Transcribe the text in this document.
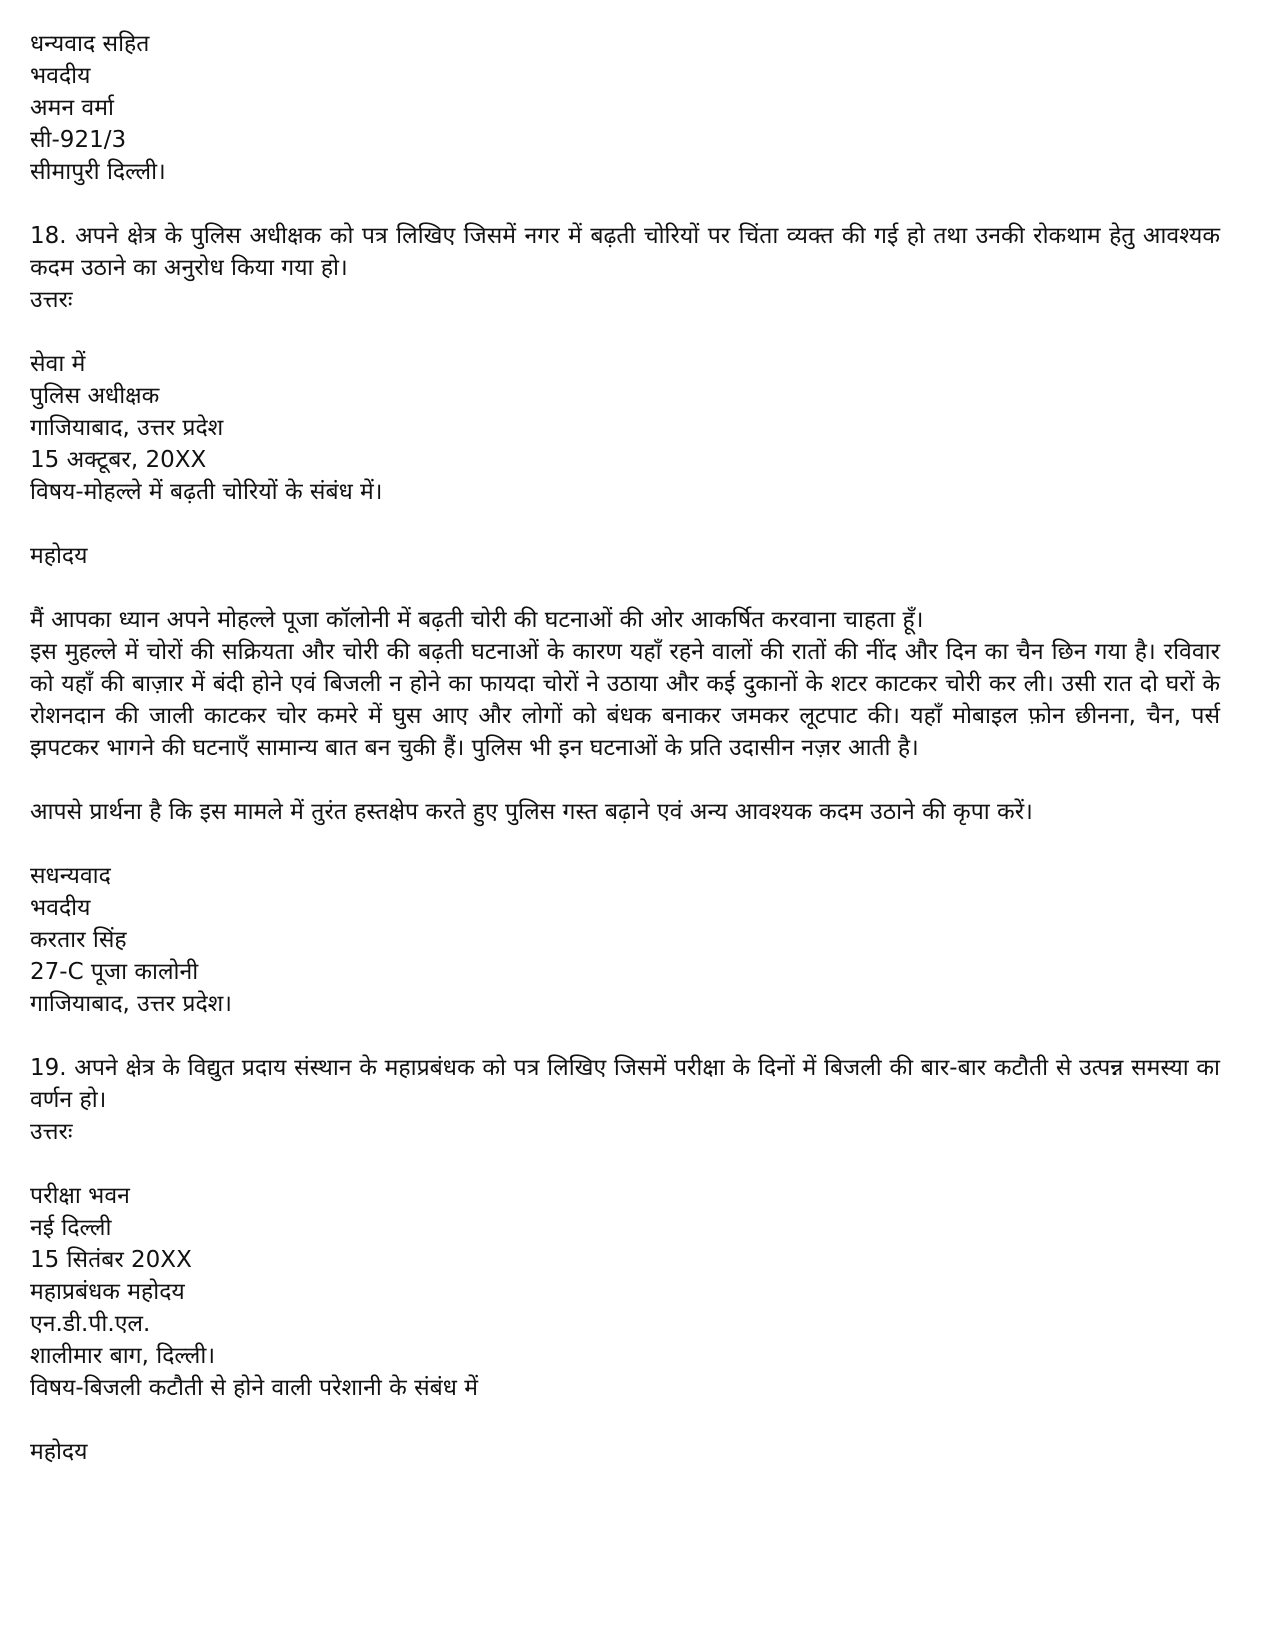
धन्यवाद सहित

भवदीय

अमन वर्मा

सी-921/3

सीमापुरी दिल्ली।

18. अपने क्षेत्र के पुलिस अधीक्षक को पत्र लिखिए जिसमें नगर में बढ़ती चोरियों पर चिंता व्यक्त की गई हो तथा उनकी रोकथाम हेतु आवश्यक कदम उठाने का अनुरोध किया गया हो।

उत्तरः

सेवा में

पुलिस अधीक्षक

गाजियाबाद, उत्तर प्रदेश

15 अक्टूबर, 20XX

विषय-मोहल्ले में बढ़ती चोरियों के संबंध में।

महोदय

मैं आपका ध्यान अपने मोहल्ले पूजा कॉलोनी में बढ़ती चोरी की घटनाओं की ओर आकर्षित करवाना चाहता हूँ।

इस मुहल्ले में चोरों की सक्रियता और चोरी की बढ़ती घटनाओं के कारण यहाँ रहने वालों की रातों की नींद और दिन का चैन छिन गया है। रविवार को यहाँ की बाज़ार में बंदी होने एवं बिजली न होने का फायदा चोरों ने उठाया और कई दुकानों के शटर काटकर चोरी कर ली। उसी रात दो घरों के रोशनदान की जाली काटकर चोर कमरे में घुस आए और लोगों को बंधक बनाकर जमकर लूटपाट की। यहाँ मोबाइल फ़ोन छीनना, चैन, पर्स झपटकर भागने की घटनाएँ सामान्य बात बन चुकी हैं। पुलिस भी इन घटनाओं के प्रति उदासीन नज़र आती है।

आपसे प्रार्थना है कि इस मामले में तुरंत हस्तक्षेप करते हुए पुलिस गस्त बढ़ाने एवं अन्य आवश्यक कदम उठाने की कृपा करें।

सधन्यवाद

भवदीय

करतार सिंह

27-C पूजा कालोनी

गाजियाबाद, उत्तर प्रदेश।

19. अपने क्षेत्र के विद्युत प्रदाय संस्थान के महाप्रबंधक को पत्र लिखिए जिसमें परीक्षा के दिनों में बिजली की बार-बार कटौती से उत्पन्न समस्या का वर्णन हो।

उत्तरः

परीक्षा भवन

नई दिल्ली

15 सितंबर 20XX

महाप्रबंधक महोदय

एन.डी.पी.एल.

शालीमार बाग, दिल्ली।

विषय-बिजली कटौती से होने वाली परेशानी के संबंध में

महोदय
